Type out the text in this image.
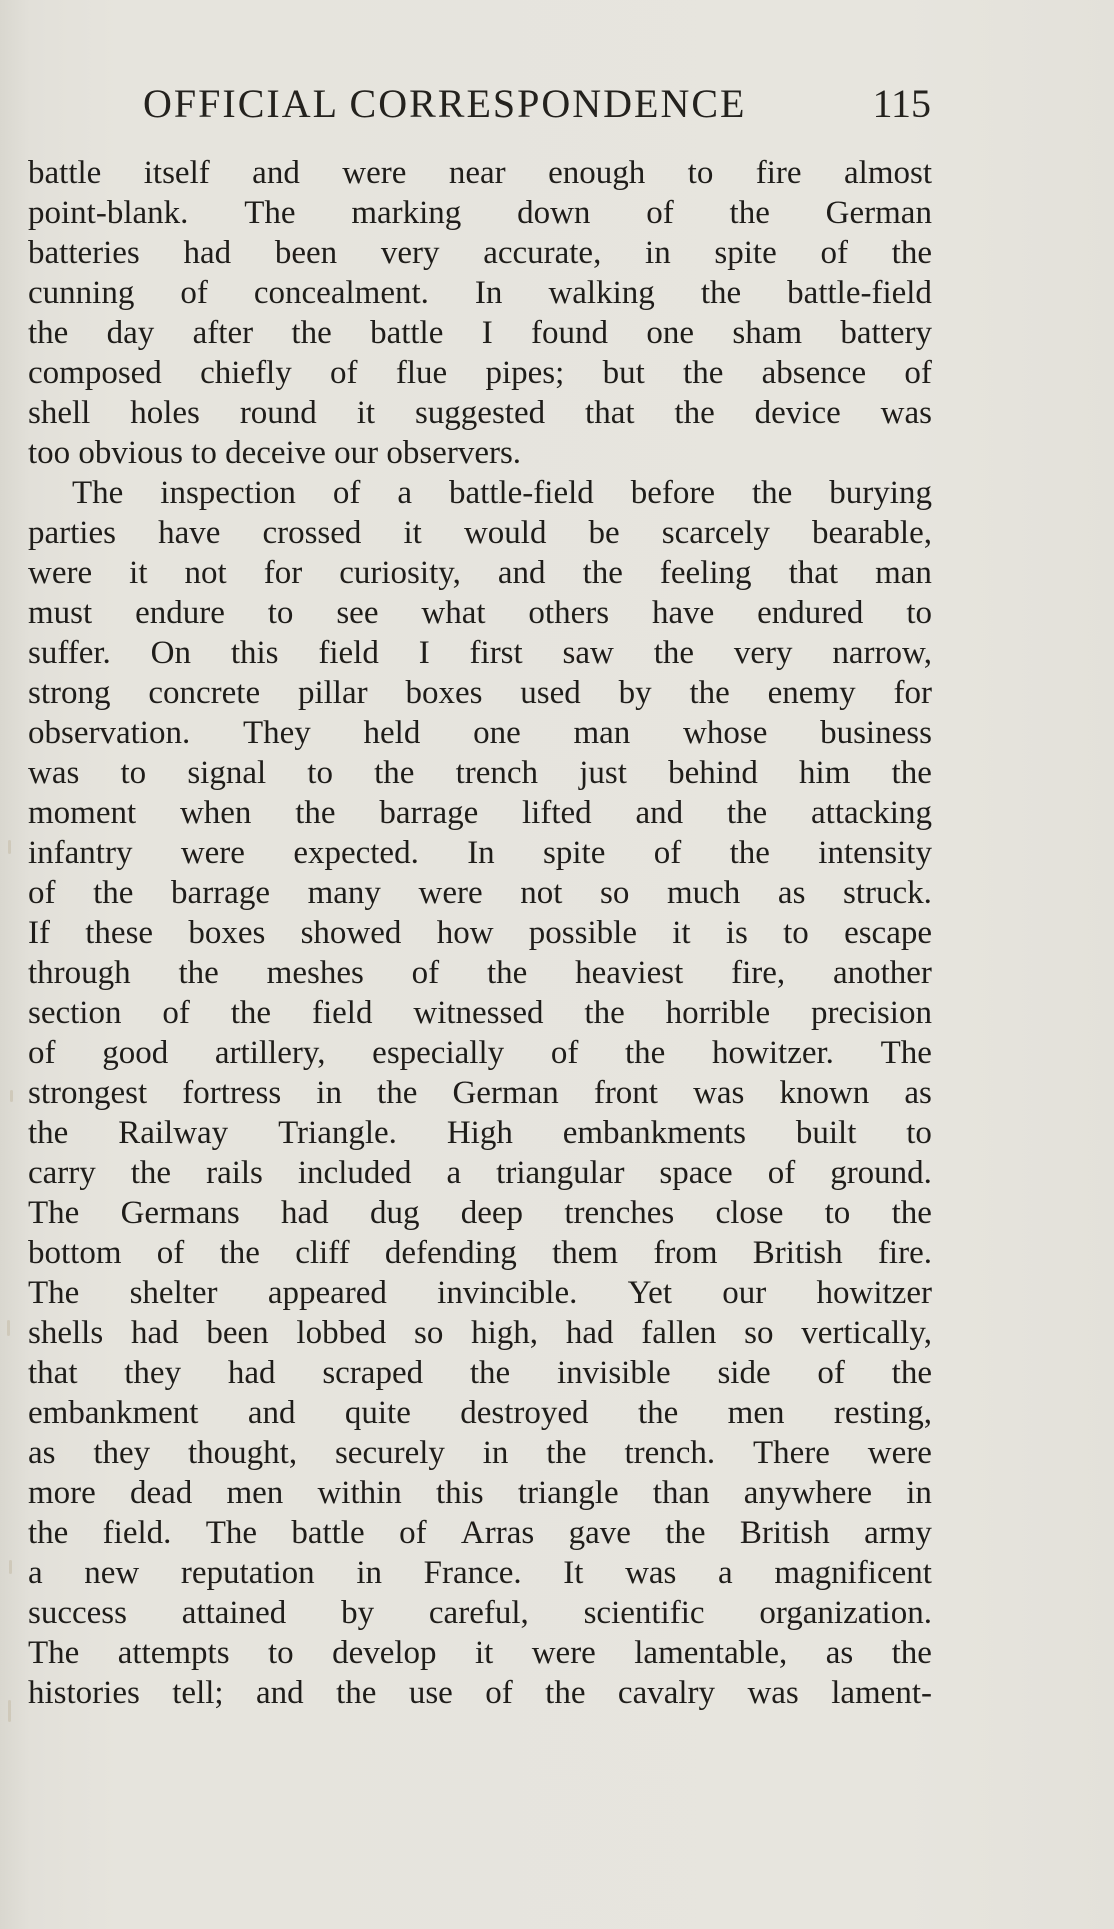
OFFICIAL CORRESPONDENCE	115
battle itself and were near enough to fire almost
point-blank. The marking down of the German
batteries had been very accurate, in spite of the
cunning of concealment. In walking the battle-field
the day after the battle I found one sham battery
composed chiefly of flue pipes; but the absence of
shell holes round it suggested that the device was
too obvious to deceive our observers.
The inspection of a battle-field before the burying
parties have crossed it would be scarcely bearable,
were it not for curiosity, and the feeling that man
must endure to see what others have endured to
suffer. On this field I first saw the very narrow,
strong concrete pillar boxes used by the enemy for
observation. They held one man whose business
was to signal to the trench just behind him the
moment when the barrage lifted and the attacking
infantry were expected. In spite of the intensity
of the barrage many were not so much as struck.
If these boxes showed how possible it is to escape
through the meshes of the heaviest fire, another
section of the field witnessed the horrible precision
of good artillery, especially of the howitzer. The
strongest fortress in the German front was known as
the Railway Triangle. High embankments built to
carry the rails included a triangular space of ground.
The Germans had dug deep trenches close to the
bottom of the cliff defending them from British fire.
The shelter appeared invincible. Yet our howitzer
shells had been lobbed so high, had fallen so vertically,
that they had scraped the invisible side of the
embankment and quite destroyed the men resting,
as they thought, securely in the trench. There were
more dead men within this triangle than anywhere in
the field. The battle of Arras gave the British army
a new reputation in France. It was a magnificent
success attained by careful, scientific organization.
The attempts to develop it were lamentable, as the
histories tell; and the use of the cavalry was lament-
